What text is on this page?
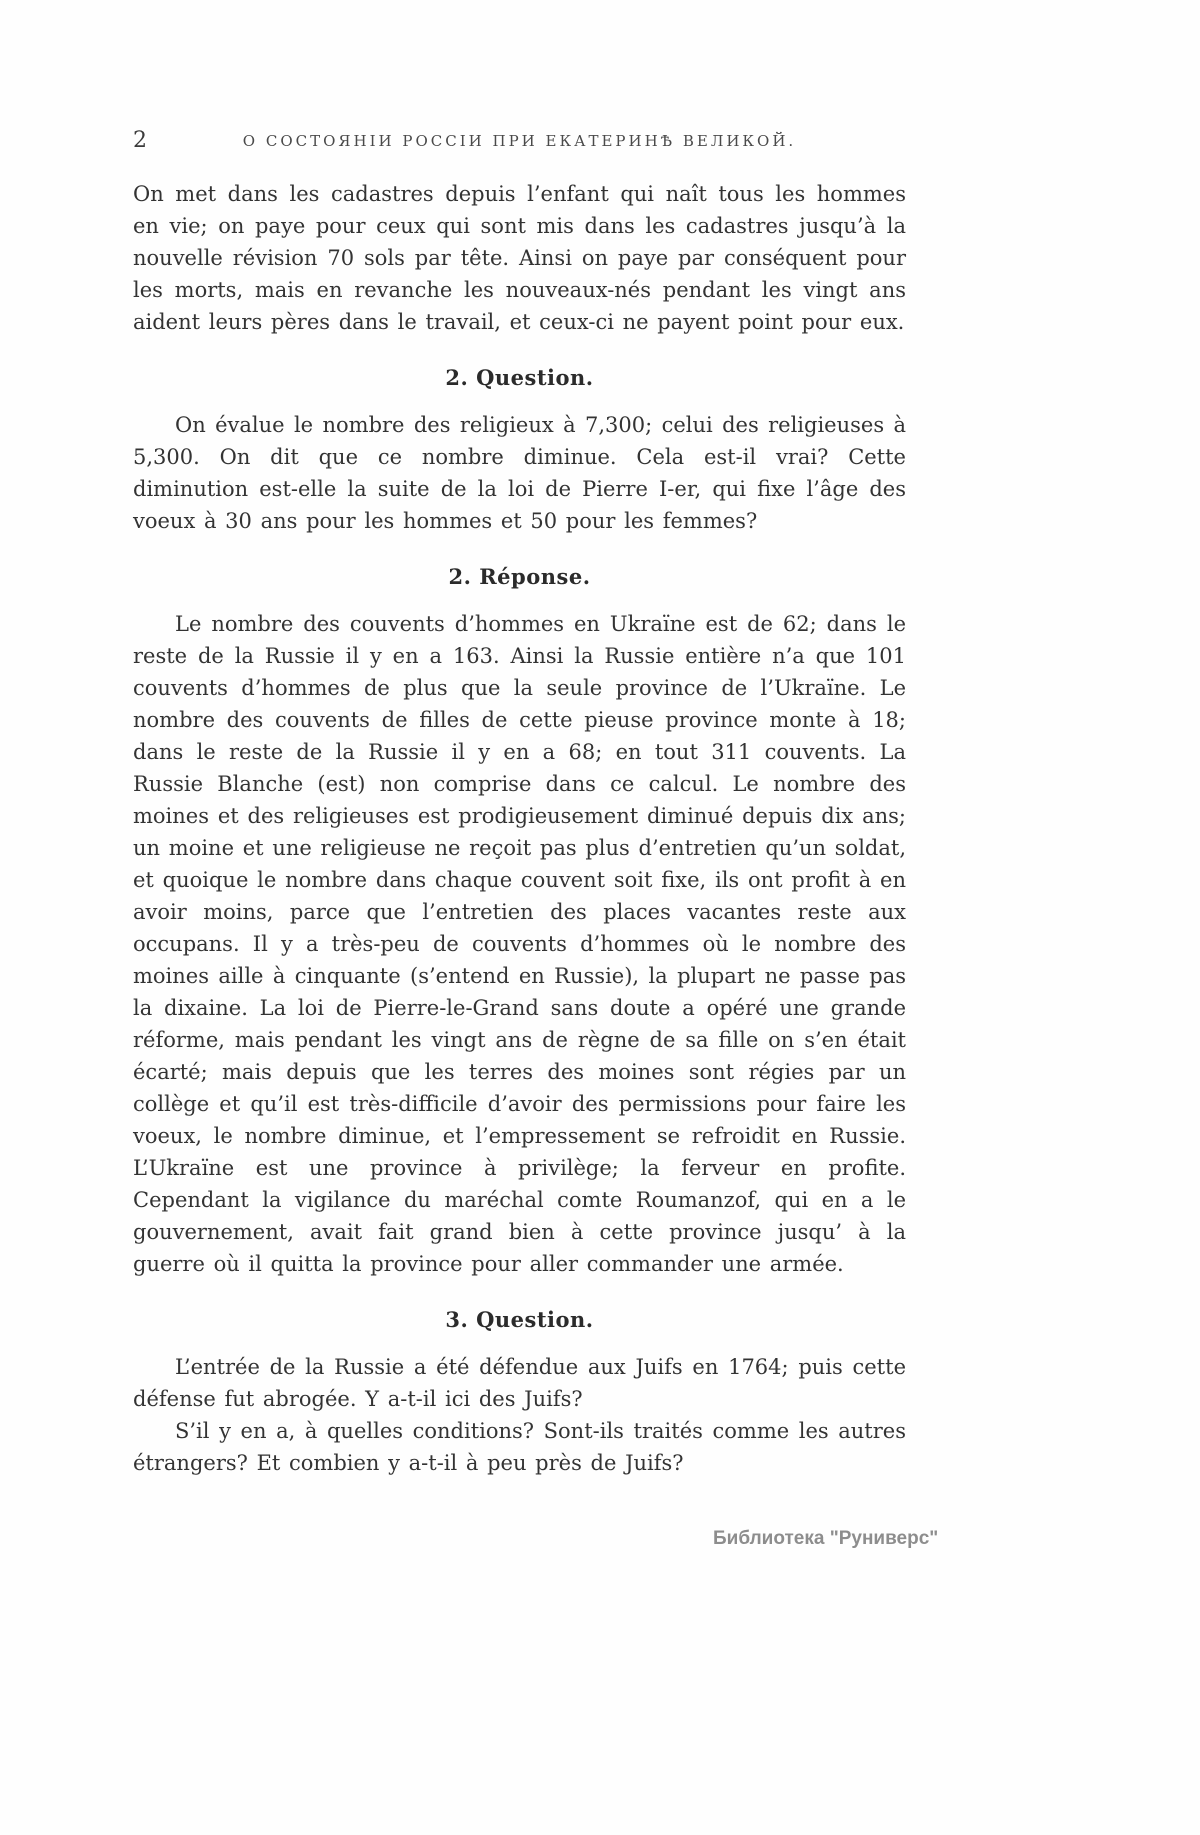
2	О СОСТОЯНІИ РОССІИ ПРИ ЕКАТЕРИНѢ ВЕЛИКОЙ.

On met dans les cadastres depuis l’enfant qui naît tous les hommes en vie; on paye pour ceux qui sont mis dans les cadastres jusqu’à la nouvelle révision 70 sols par tête. Ainsi on paye par conséquent pour les morts, mais en revanche les nouveaux-nés pendant les vingt ans aident leurs pères dans le travail, et ceux-ci ne payent point pour eux.

2. Question.

On évalue le nombre des religieux à 7,300; celui des religieuses à 5,300. On dit que ce nombre diminue. Cela est-il vrai? Cette diminution est-elle la suite de la loi de Pierre I-er, qui fixe l’âge des voeux à 30 ans pour les hommes et 50 pour les femmes?

2. Réponse.

Le nombre des couvents d’hommes en Ukraïne est de 62; dans le reste de la Russie il y en a 163. Ainsi la Russie entière n’a que 101 couvents d’hommes de plus que la seule province de l’Ukraïne. Le nombre des couvents de filles de cette pieuse province monte à 18; dans le reste de la Russie il y en a 68; en tout 311 couvents. La Russie Blanche (est) non comprise dans ce calcul. Le nombre des moines et des religieuses est prodigieusement diminué depuis dix ans; un moine et une religieuse ne reçoit pas plus d’entretien qu’un soldat, et quoique le nombre dans chaque couvent soit fixe, ils ont profit à en avoir moins, parce que l’entretien des places vacantes reste aux occupans. Il y a très-peu de couvents d’hommes où le nombre des moines aille à cinquante (s’entend en Russie), la plupart ne passe pas la dixaine. La loi de Pierre-le-Grand sans doute a opéré une grande réforme, mais pendant les vingt ans de règne de sa fille on s’en était écarté; mais depuis que les terres des moines sont régies par un collège et qu’il est très-difficile d’avoir des permissions pour faire les voeux, le nombre diminue, et l’empressement se refroidit en Russie. L’Ukraïne est une province à privilège; la ferveur en profite. Cependant la vigilance du maréchal comte Roumanzof, qui en a le gouvernement, avait fait grand bien à cette province jusqu’ à la guerre où il quitta la province pour aller commander une armée.

3. Question.

L’entrée de la Russie a été défendue aux Juifs en 1764; puis cette défense fut abrogée. Y a-t-il ici des Juifs?

S’il y en a, à quelles conditions? Sont-ils traités comme les autres étrangers? Et combien y a-t-il à peu près de Juifs?

Библиотека "Руниверс"
